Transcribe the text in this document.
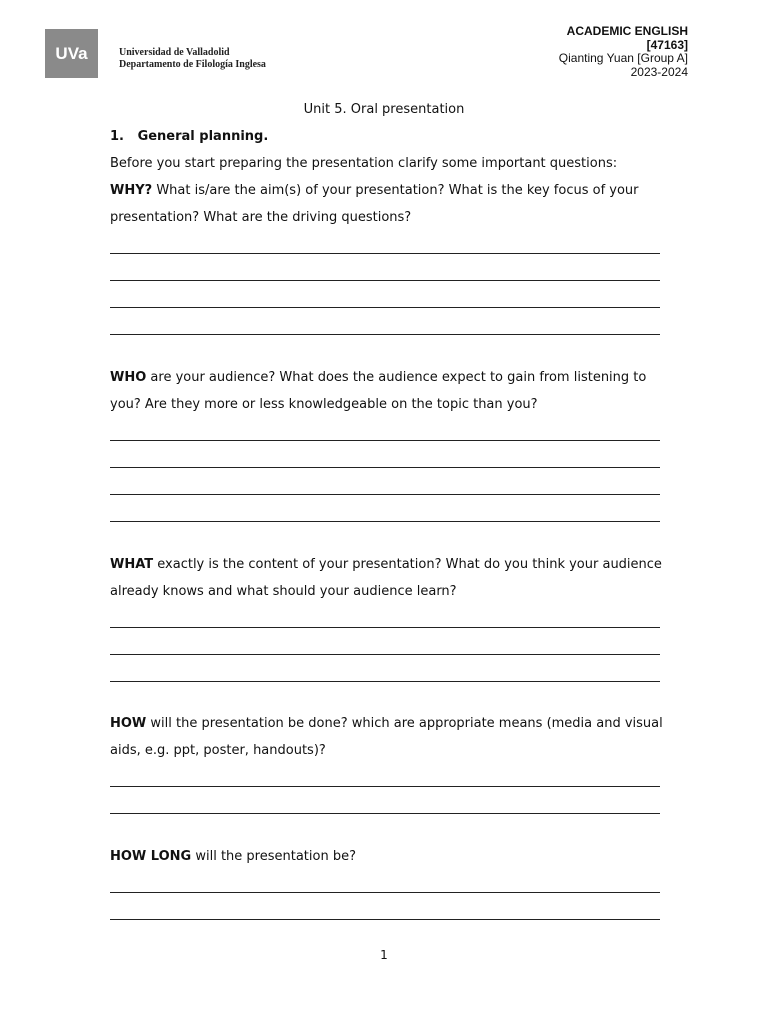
UVa	Universidad de Valladolid
Departamento de Filología Inglesa
ACADEMIC ENGLISH
[47163]
Qianting Yuan [Group A]
2023-2024
Unit 5. Oral presentation
1. General planning.
Before you start preparing the presentation clarify some important questions:
WHY? What is/are the aim(s) of your presentation? What is the key focus of your
presentation? What are the driving questions?
WHO are your audience? What does the audience expect to gain from listening to
you? Are they more or less knowledgeable on the topic than you?
WHAT exactly is the content of your presentation? What do you think your audience
already knows and what should your audience learn?
HOW will the presentation be done? which are appropriate means (media and visual
aids, e.g. ppt, poster, handouts)?
HOW LONG will the presentation be?
1
